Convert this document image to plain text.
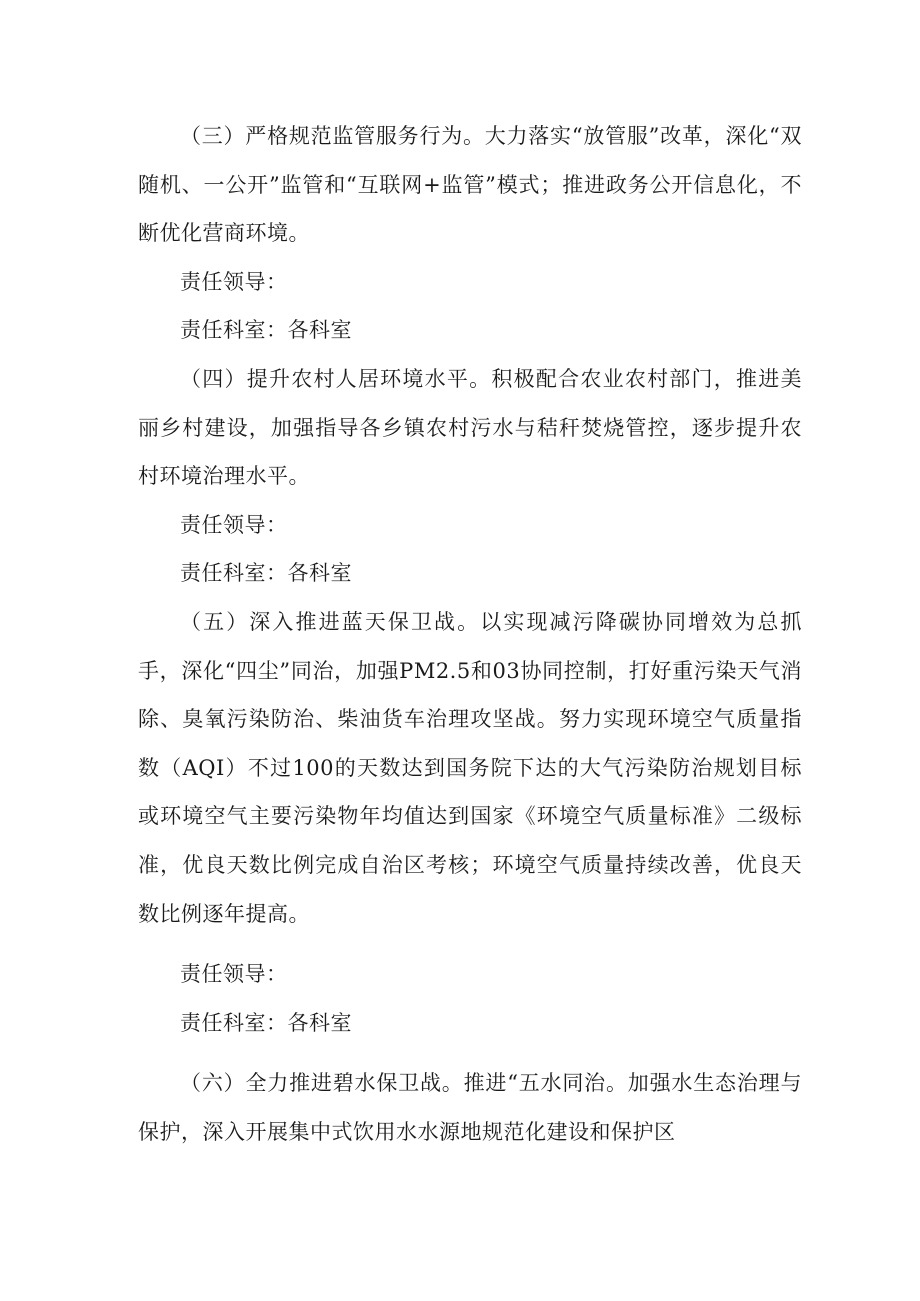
（三）严格规范监管服务行为。大力落实“放管服”改革，深化“双随机、一公开”监管和“互联网+监管”模式；推进政务公开信息化，不断优化营商环境。

责任领导：

责任科室：各科室

（四）提升农村人居环境水平。积极配合农业农村部门，推进美丽乡村建设，加强指导各乡镇农村污水与秸秆焚烧管控，逐步提升农村环境治理水平。

责任领导：

责任科室：各科室

（五）深入推进蓝天保卫战。以实现减污降碳协同增效为总抓手，深化“四尘”同治，加强PM2.5和03协同控制，打好重污染天气消除、臭氧污染防治、柴油货车治理攻坚战。努力实现环境空气质量指数（AQI）不过100的天数达到国务院下达的大气污染防治规划目标或环境空气主要污染物年均值达到国家《环境空气质量标准》二级标准，优良天数比例完成自治区考核；环境空气质量持续改善，优良天数比例逐年提高。

责任领导：

责任科室：各科室

（六）全力推进碧水保卫战。推进“五水同治。加强水生态治理与保护，深入开展集中式饮用水水源地规范化建设和保护区
